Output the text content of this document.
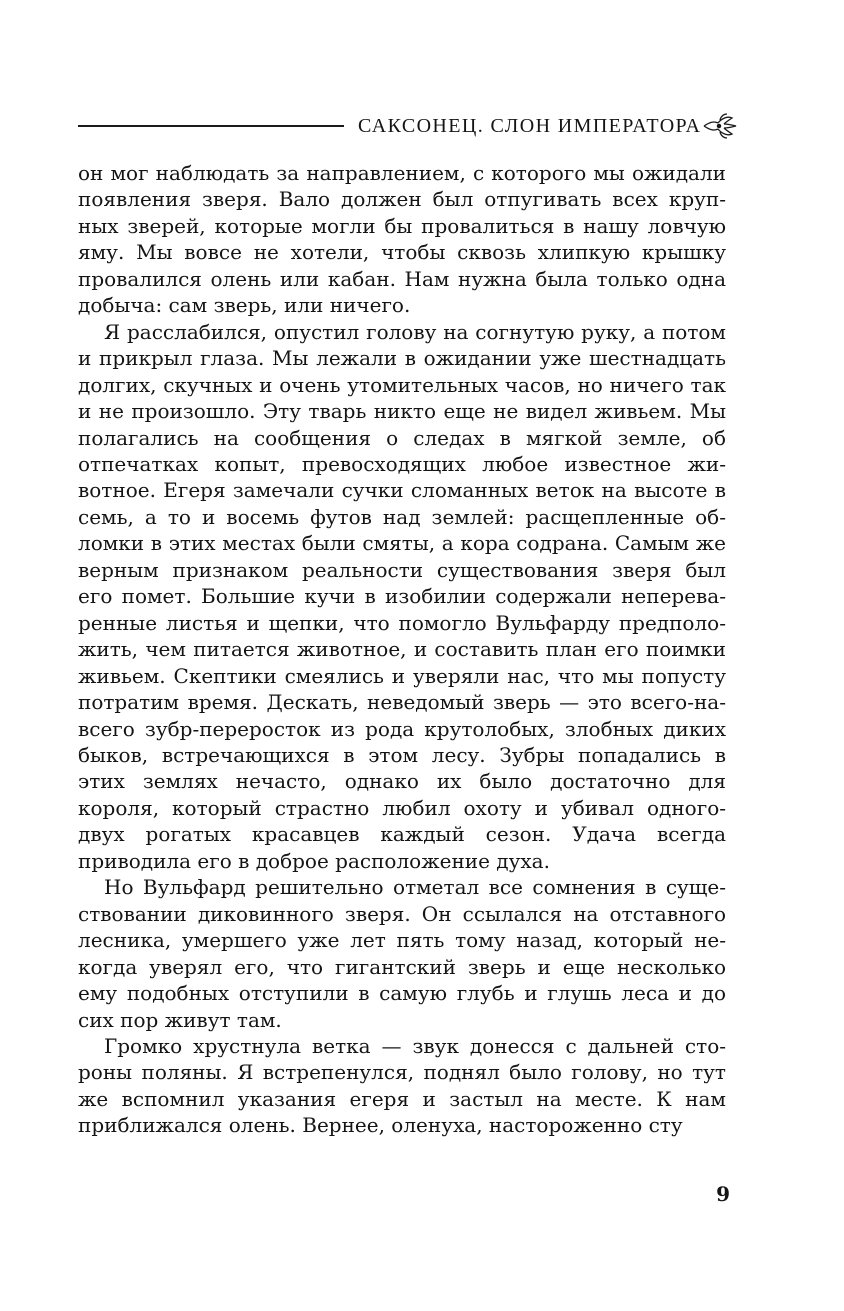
САКСОНЕЦ. СЛОН ИМПЕРАТОРА

он мог наблюдать за направлением, с которого мы ожидали появления зверя. Вало должен был отпугивать всех крупных зверей, которые могли бы провалиться в нашу ловчую яму. Мы вовсе не хотели, чтобы сквозь хлипкую крышку провалился олень или кабан. Нам нужна была только одна добыча: сам зверь, или ничего.

Я расслабился, опустил голову на согнутую руку, а потом и прикрыл глаза. Мы лежали в ожидании уже шестнадцать долгих, скучных и очень утомительных часов, но ничего так и не произошло. Эту тварь никто еще не видел живьем. Мы полагались на сообщения о следах в мягкой земле, об отпечатках копыт, превосходящих любое известное животное. Егеря замечали сучки сломанных веток на высоте в семь, а то и восемь футов над землей: расщепленные обломки в этих местах были смяты, а кора содрана. Самым же верным признаком реальности существования зверя был его помет. Большие кучи в изобилии содержали непереваренные листья и щепки, что помогло Вульфарду предположить, чем питается животное, и составить план его поимки живьем. Скептики смеялись и уверяли нас, что мы попусту потратим время. Дескать, неведомый зверь — это всего-навсего зубр-переросток из рода крутолобых, злобных диких быков, встречающихся в этом лесу. Зубры попадались в этих землях нечасто, однако их было достаточно для короля, который страстно любил охоту и убивал одного-двух рогатых красавцев каждый сезон. Удача всегда приводила его в доброе расположение духа.

Но Вульфард решительно отметал все сомнения в существовании диковинного зверя. Он ссылался на отставного лесника, умершего уже лет пять тому назад, который некогда уверял его, что гигантский зверь и еще несколько ему подобных отступили в самую глубь и глушь леса и до сих пор живут там.

Громко хрустнула ветка — звук донесся с дальней стороны поляны. Я встрепенулся, поднял было голову, но тут же вспомнил указания егеря и застыл на месте. К нам приближался олень. Вернее, оленуха, настороженно сту

9
